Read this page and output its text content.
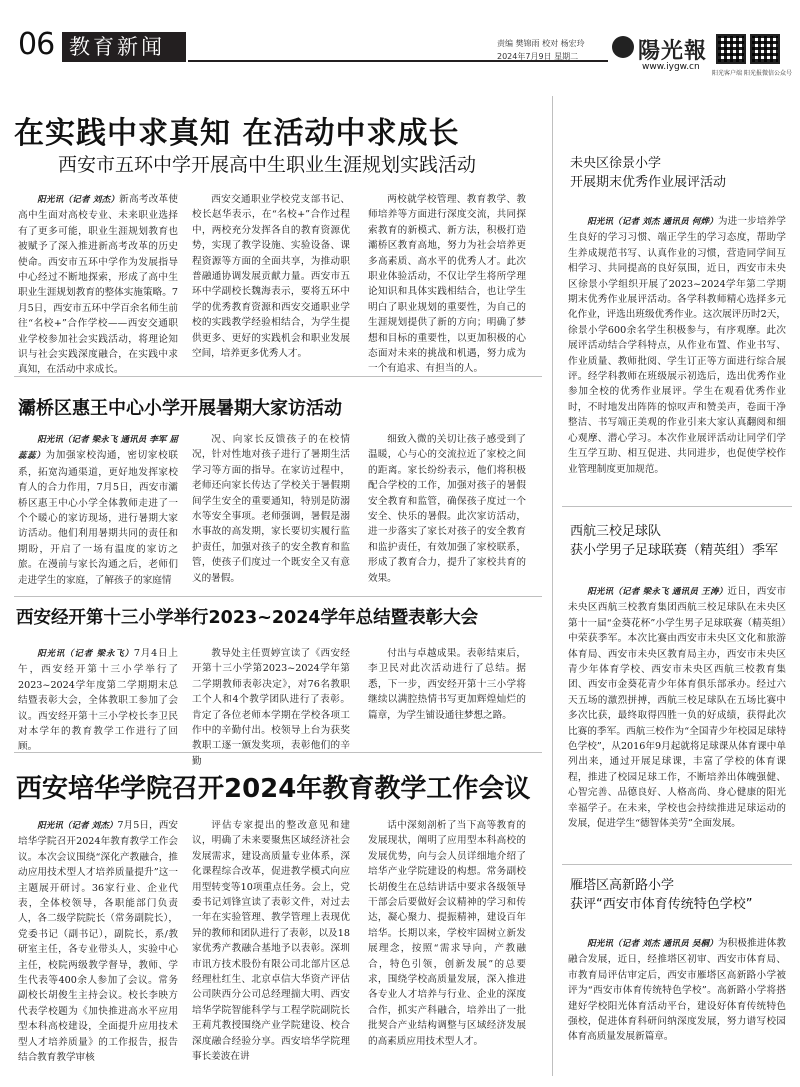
06 教育新闻	责编 樊锦雨 校对 杨宏玲
2024年7月9日 星期二	陽光報
www.iygw.cn
阳光客户端 阳光报微信公众号
在实践中求真知 在活动中求成长
西安市五环中学开展高中生职业生涯规划实践活动

阳光讯（记者 刘杰）新高考改革使高中生面对高校专业、未来职业选择有了更多可能，职业生涯规划教育也被赋予了深入推进新高考改革的历史使命。西安市五环中学作为发展指导中心经过不断地探索，形成了高中生职业生涯规划教育的整体实施策略。7月5日，西安市五环中学百余名师生前往“名校+”合作学校——西安交通职业学校参加社会实践活动，将理论知识与社会实践深度融合，在实践中求真知，在活动中求成长。

西安交通职业学校党支部书记、校长赵华表示，在“名校+”合作过程中，两校充分发挥各自的教育资源优势，实现了教学设施、实验设备、课程资源等方面的全面共享，为推动职普融通协调发展贡献力量。西安市五环中学副校长魏海表示，要将五环中学的优秀教育资源和西安交通职业学校的实践教学经验相结合，为学生提供更多、更好的实践机会和职业发展空间，培养更多优秀人才。

两校就学校管理、教育教学、教师培养等方面进行深度交流，共同探索教育的新模式、新方法，积极打造灞桥区教育高地，努力为社会培养更多高素质、高水平的优秀人才。此次职业体验活动，不仅让学生将所学理论知识和具体实践相结合，也让学生明白了职业规划的重要性，为自己的生涯规划提供了新的方向；明确了梦想和目标的重要性，以更加积极的心态面对未来的挑战和机遇，努力成为一个有追求、有担当的人。

灞桥区惠王中心小学开展暑期大家访活动

阳光讯（记者 梁永飞 通讯员 李军 屈蕊蕊）为加强家校沟通，密切家校联系，拓宽沟通渠道，更好地发挥家校育人的合力作用，7月5日，西安市灞桥区惠王中心小学全体教师走进了一个个暖心的家访现场，进行暑期大家访活动。他们利用暑期共同的责任和期盼，开启了一场有温度的家访之旅。在漫前与家长沟通之后，老师们走进学生的家庭，了解孩子的家庭情

况、向家长反馈孩子的在校情况，针对性地对孩子进行了暑期生活学习等方面的指导。在家访过程中，老师还向家长传达了学校关于暑假期间学生安全的重要通知，特别是防溺水等安全事项。老师强调，暑假是溺水事故的高发期，家长要切实履行监护责任，加强对孩子的安全教育和监管，使孩子们度过一个既安全又有意义的暑假。

细致入微的关切让孩子感受到了温暖，心与心的交流拉近了家校之间的距离。家长纷纷表示，他们将积极配合学校的工作，加强对孩子的暑假安全教育和监管，确保孩子度过一个安全、快乐的暑假。此次家访活动，进一步落实了家长对孩子的安全教育和监护责任，有效加强了家校联系，形成了教育合力，提升了家校共育的效果。

西安经开第十三小学举行2023~2024学年总结暨表彰大会

阳光讯（记者 梁永飞）7月4日上午，西安经开第十三小学举行了2023~2024学年度第二学期期末总结暨表彰大会，全体教职工参加了会议。西安经开第十三小学校长李卫民对本学年的教育教学工作进行了回顾。

教导处主任贾婷宣读了《西安经开第十三小学第2023~2024学年第二学期教师表彰决定》，对76名教职工个人和4个教学团队进行了表彰。肯定了各位老师本学期在学校各项工作中的辛勤付出。校领导上台为获奖教职工逐一颁发奖项，表彰他们的辛勤

付出与卓越成果。表彰结束后，李卫民对此次活动进行了总结。据悉，下一步，西安经开第十三小学将继续以满腔热情书写更加辉煌灿烂的篇章，为学生铺设通往梦想之路。

西安培华学院召开2024年教育教学工作会议

阳光讯（记者 刘杰）7月5日，西安培华学院召开2024年教育教学工作会议。本次会议围绕“深化产教融合，推动应用技术型人才培养质量提升”这一主题展开研讨。36家行业、企业代表，全体校领导，各职能部门负责人，各二级学院院长（常务副院长），党委书记（副书记），副院长，系/教研室主任，各专业带头人，实验中心主任，校院两级教学督导，教师、学生代表等400余人参加了会议。常务副校长胡俊生主持会议。校长李映方代表学校题为《加快推进高水平应用型本科高校建设，全面提升应用技术型人才培养质量》的工作报告，报告结合教育教学审核

评估专家提出的整改意见和建议，明确了未来要聚焦区域经济社会发展需求，建设高质量专业体系，深化课程综合改革，促进教学模式向应用型转变等10项重点任务。会上，党委书记刘锋宣读了表彰文件，对过去一年在实验管理、教学管理上表现优异的教师和团队进行了表彰，以及18家优秀产教融合基地予以表彰。深圳市讯方技术股份有限公司北部片区总经理杜红生、北京卓信大华资产评估公司陕西分公司总经理揣大明、西安培华学院智能科学与工程学院副院长王莉芃教授围绕产业学院建设、校合深度融合经验分享。西安培华学院理事长姜波在讲

话中深刻剖析了当下高等教育的发展现状，阐明了应用型本科高校的发展优势，向与会人员详细地介绍了培华产业学院建设的构想。常务副校长胡俊生在总结讲话中要求各级领导干部会后要做好会议精神的学习和传达，凝心聚力、提振精神，建设百年培华。长期以来，学校牢固树立新发展理念，按照“需求导向，产教融合，特色引领，创新发展”的总要求，围绕学校高质量发展，深入推进各专业人才培养与行业、企业的深度合作，抓实产科融合，培养出了一批批契合产业结构调整与区域经济发展的高素质应用技术型人才。

未央区徐景小学
开展期末优秀作业展评活动

阳光讯（记者 刘杰 通讯员 何烨）为进一步培养学生良好的学习习惯、端正学生的学习态度，帮助学生养成规范书写、认真作业的习惯，营造同学间互相学习、共同提高的良好氛围，近日，西安市未央区徐景小学组织开展了2023~2024学年第二学期期末优秀作业展评活动。各学科教师精心选择多元化作业，评选出班级优秀作业。这次展评历时2天，徐景小学600余名学生积极参与，有序观摩。此次展评活动结合学科特点，从作业布置、作业书写、作业质量、教师批阅、学生订正等方面进行综合展评。经学科教师在班级展示初选后，选出优秀作业参加全校的优秀作业展评。学生在观看优秀作业时，不时地发出阵阵的惊叹声和赞美声，卷面干净整洁、书写端正美观的作业引来大家认真翻阅和细心观摩、潜心学习。本次作业展评活动让同学们学生互学互助、相互促进、共同进步，也促使学校作业管理制度更加规范。

西航三校足球队
获小学男子足球联赛（精英组）季军

阳光讯（记者 梁永飞 通讯员 王涛）近日，西安市未央区西航三校教育集团西航三校足球队在未央区第十一届“金葵花杯”小学生男子足球联赛（精英组）中荣获季军。本次比赛由西安市未央区文化和旅游体育局、西安市未央区教育局主办，西安市未央区青少年体育学校、西安市未央区西航三校教育集团、西安市金葵花青少年体育俱乐部承办。经过六天五场的激烈拼搏，西航三校足球队在五场比赛中多次比获，最终取得四胜一负的好成绩，获得此次比赛的季军。西航三校作为“全国青少年校园足球特色学校”，从2016年9月起就将足球课从体育课中单列出来，通过开展足球课，丰富了学校的体育课程，推进了校园足球工作，不断培养出体魄强健、心智完善、品德良好、人格高尚、身心健康的阳光幸福学子。在未来，学校也会持续推进足球运动的发展，促进学生“德智体美劳”全面发展。

雁塔区高新路小学
获评“西安市体育传统特色学校”

阳光讯（记者 刘杰 通讯员 吴桐）为积极推进体教融合发展，近日，经推塔区初审、西安市体育局、市教育局评估审定后，西安市雁塔区高新路小学被评为“西安市体育传统特色学校”。高新路小学将搭建好学校阳光体育活动平台，建设好体育传统特色强校，促进体育科研问纳深度发展，努力谱写校园体育高质量发展新篇章。
